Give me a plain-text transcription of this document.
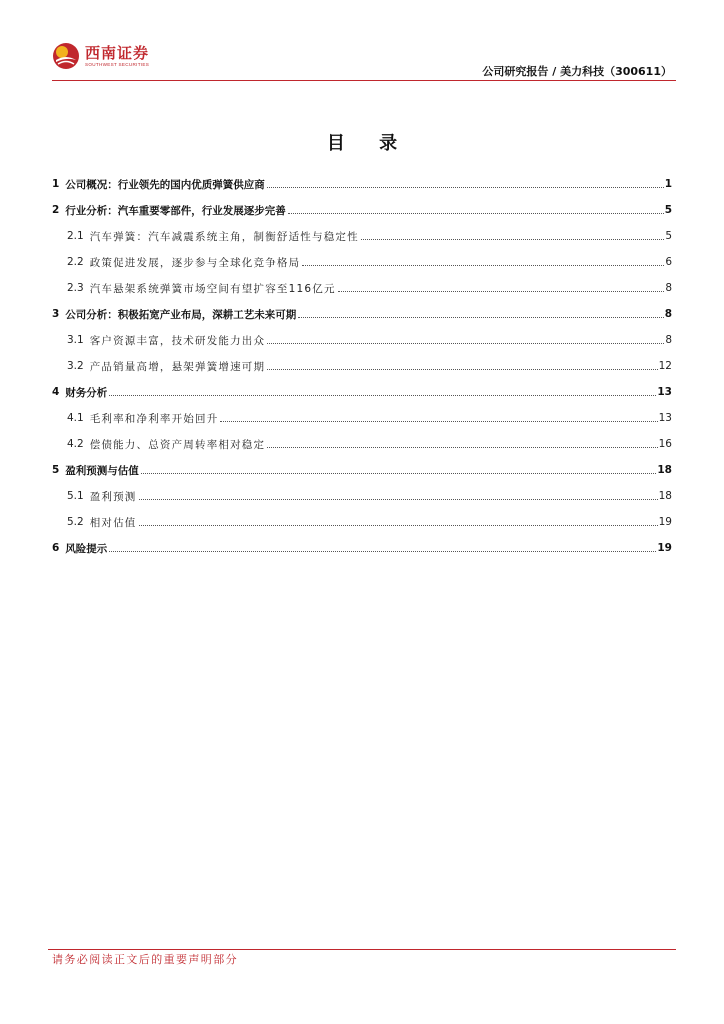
西南证券
SOUTHWEST SECURITIES
公司研究报告 / 美力科技（300611）
目 录
1 公司概况：行业领先的国内优质弹簧供应商	1
2 行业分析：汽车重要零部件，行业发展逐步完善	5
2.1 汽车弹簧：汽车减震系统主角，制衡舒适性与稳定性	5
2.2 政策促进发展，逐步参与全球化竞争格局	6
2.3 汽车悬架系统弹簧市场空间有望扩容至116亿元	8
3 公司分析：积极拓宽产业布局，深耕工艺未来可期	8
3.1 客户资源丰富，技术研发能力出众	8
3.2 产品销量高增，悬架弹簧增速可期	12
4 财务分析	13
4.1 毛利率和净利率开始回升	13
4.2 偿债能力、总资产周转率相对稳定	16
5 盈利预测与估值	18
5.1 盈利预测	18
5.2 相对估值	19
6 风险提示	19
请务必阅读正文后的重要声明部分
